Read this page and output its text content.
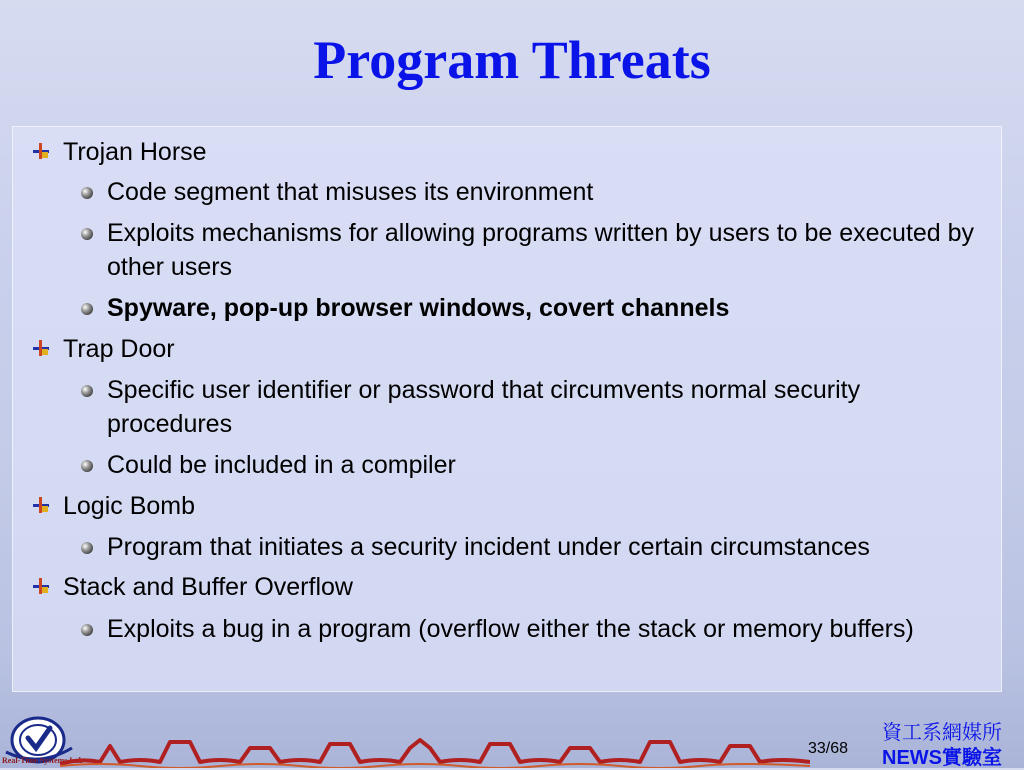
Program Threats
Trojan Horse
Code segment that misuses its environment
Exploits mechanisms for allowing programs written by users to be executed by other users
Spyware, pop-up browser windows, covert channels
Trap Door
Specific user identifier or password that circumvents normal security procedures
Could be included in a compiler
Logic Bomb
Program that initiates a security incident under certain circumstances
Stack and Buffer Overflow
Exploits a bug in a program (overflow either the stack or memory buffers)
Real-Time Systems Lab
33/68
資工系網媒所
NEWS實驗室
